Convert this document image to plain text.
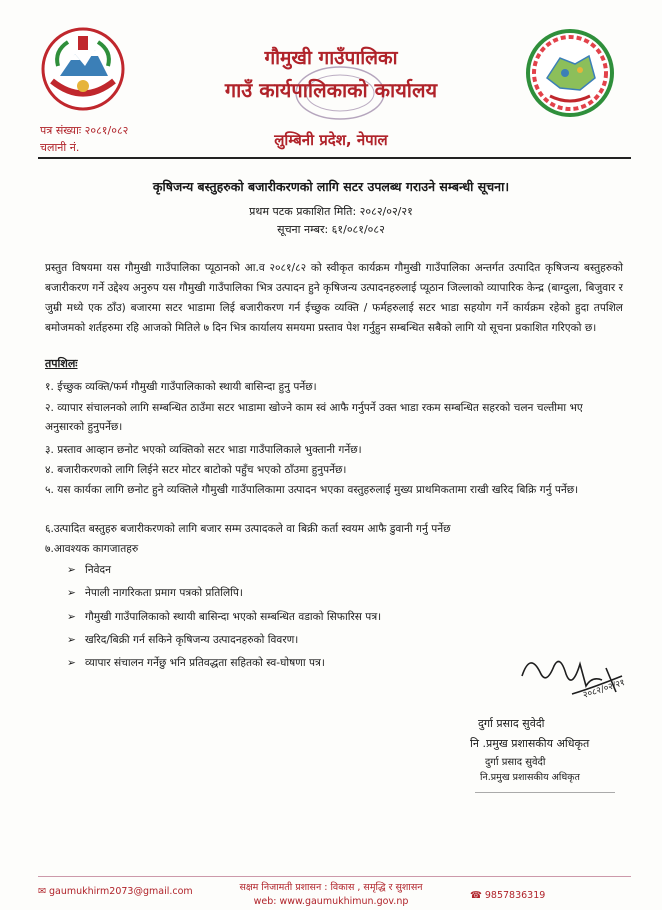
गौमुखी गाउँपालिका
गाउँ कार्यपालिकाको कार्यालय
पत्र संख्याः २०८१/०८२
चलानी नं.	लुम्बिनी प्रदेश, नेपाल
कृषिजन्य बस्तुहरुको बजारीकरणको लागि सटर उपलब्ध गराउने सम्बन्धी सूचना।
प्रथम पटक प्रकाशित मिति: २०८२/०२/२१
सूचना नम्बर: ६१/०८१/०८२
प्रस्तुत विषयमा यस गौमुखी गाउँपालिका प्यूठानको आ.व २०८१/८२ को स्वीकृत कार्यक्रम गौमुखी गाउँपालिका अन्तर्गत उत्पादित कृषिजन्य बस्तुहरुको बजारीकरण गर्ने उद्देश्य अनुरुप यस गौमुखी गाउँपालिका भित्र उत्पादन हुने कृषिजन्य उत्पादनहरुलाई प्यूठान जिल्लाको व्यापारिक केन्द्र (बाग्दुला, बिजुवार र जुम्री मध्ये एक ठाँउ) बजारमा सटर भाडामा लिई बजारीकरण गर्न ईच्छुक व्यक्ति / फर्महरुलाई सटर भाडा सहयोग गर्ने कार्यक्रम रहेको हुदा तपशिल बमोजमको शर्तहरुमा रहि आजको मितिले ७ दिन भित्र कार्यालय समयमा प्रस्ताव पेश गर्नुहुन सम्बन्धित सबैको लागि यो सूचना प्रकाशित गरिएको छ।
तपशिलः
१. ईच्छुक व्यक्ति/फर्म गौमुखी गाउँपालिकाको स्थायी बासिन्दा हुनु पर्नेछ।
२. व्यापार संचालनको लागि सम्बन्धित ठाउँमा सटर भाडामा खोज्ने काम स्वं आफै गर्नुपर्ने उक्त भाडा रकम सम्बन्धित सहरको चलन चल्तीमा भए अनुसारको हुनुपर्नेछ।
३. प्रस्ताव आव्हान छनोट भएको व्यक्तिको सटर भाडा गाउँपालिकाले भुक्तानी गर्नेछ।
४. बजारीकरणको लागि लिईने सटर मोटर बाटोको पहुँच भएको ठाँउमा हुनुपर्नेछ।
५. यस कार्यका लागि छनोट हुने व्यक्तिले गौमुखी गाउँपालिकामा उत्पादन भएका वस्तुहरुलाई मुख्य प्राथमिकतामा राखी खरिद बिक्रि गर्नु पर्नेछ।
६.उत्पादित बस्तुहरु बजारीकरणको लागि बजार सम्म उत्पादकले वा बिक्री कर्ता स्वयम आफै डुवानी गर्नु पर्नेछ
७.आवश्यक कागजातहरु
➢ निवेदन
➢ नेपाली नागरिकता प्रमाग पत्रको प्रतिलिपि।
➢ गौमुखी गाउँपालिकाको स्थायी बासिन्दा भएको सम्बन्धित वडाको सिफारिस पत्र।
➢ खरिद/बिक्री गर्न सकिने कृषिजन्य उत्पादनहरुको विवरण।
➢ व्यापार संचालन गर्नेछु भनि प्रतिवद्धता सहितको स्व-घोषणा पत्र।
२०८२/०२/२१
दुर्गा प्रसाद सुवेदी
नि .प्रमुख प्रशासकीय अधिकृत
दुर्गा प्रसाद सुवेदी
नि.प्रमुख प्रशासकीय अधिकृत
✉ gaumukhirm2073@gmail.com	सक्षम निजामती प्रशासन : विकास , समृद्धि र सुशासन
web: www.gaumukhimun.gov.np
☎ 9857836319
